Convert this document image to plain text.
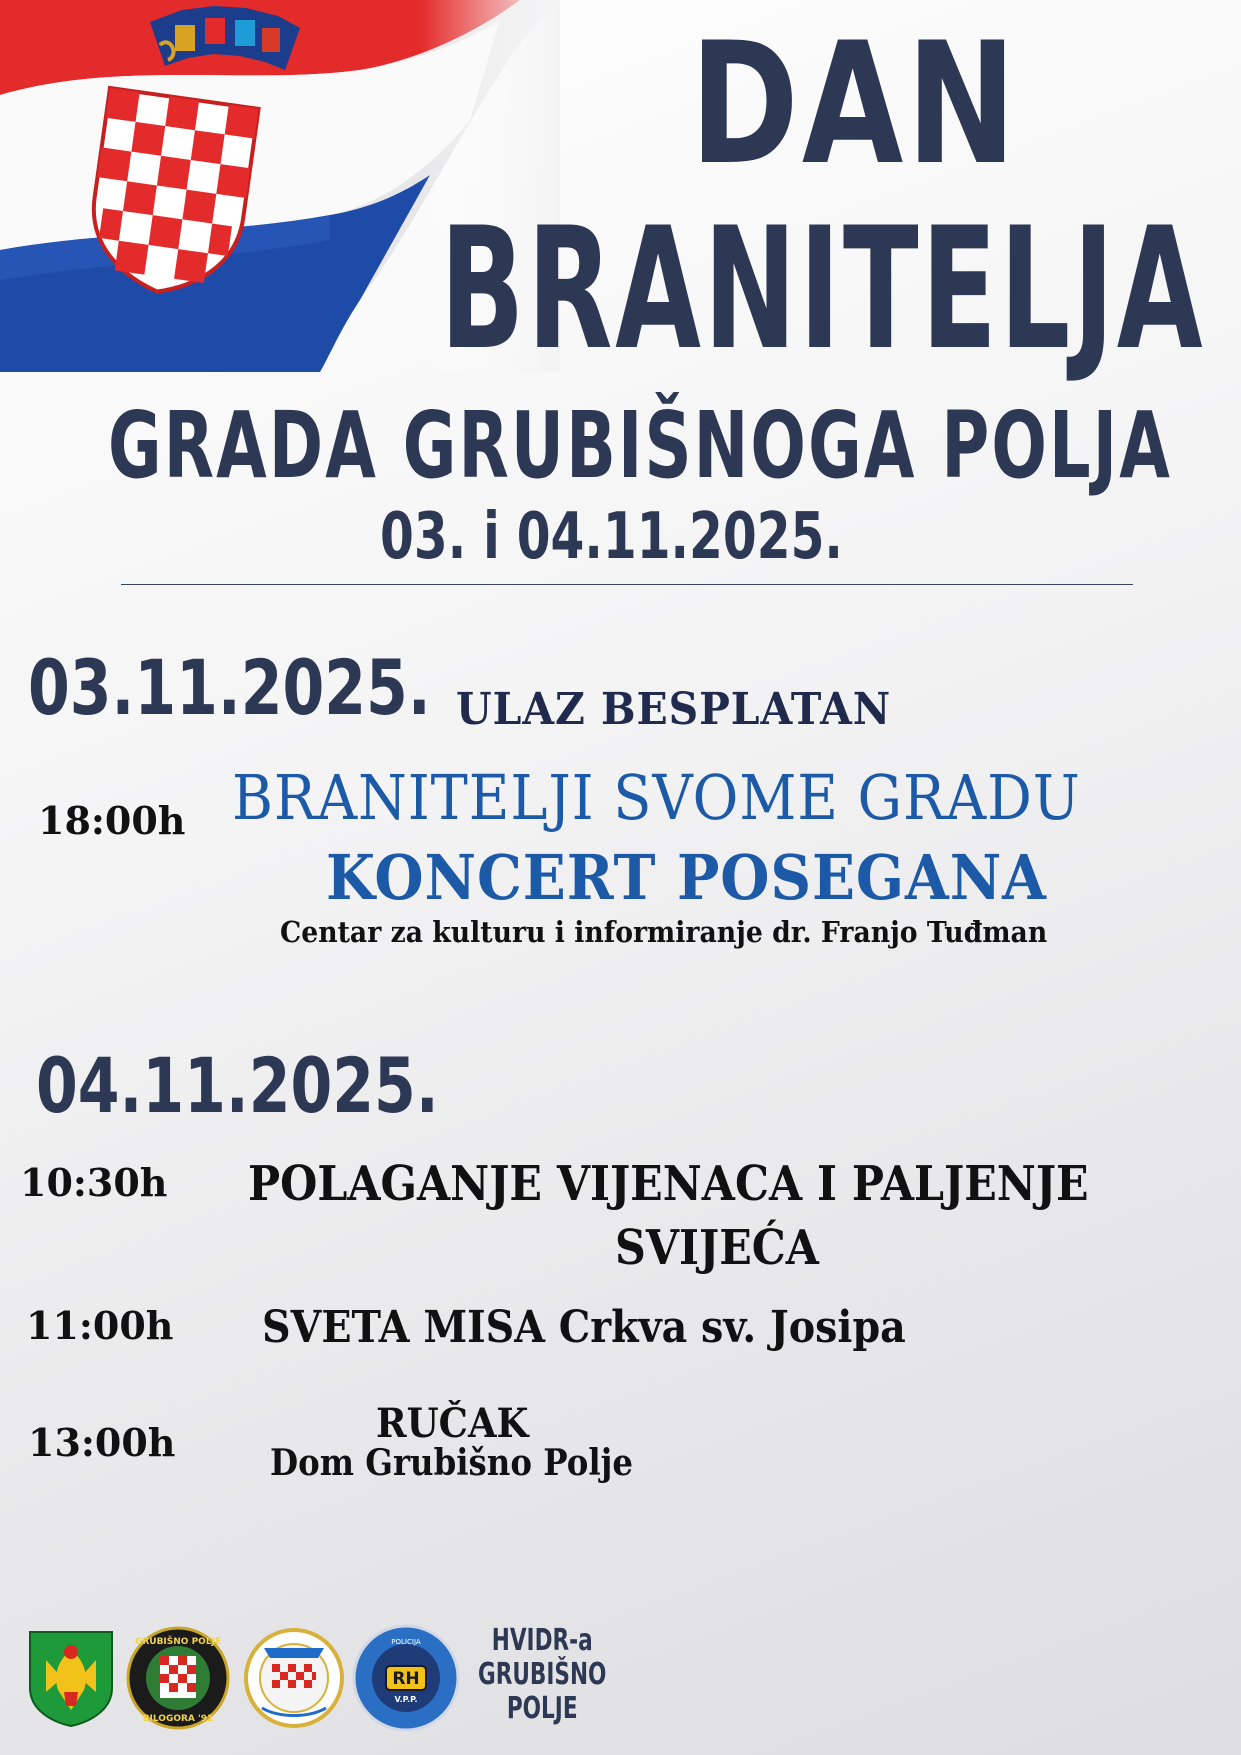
DAN
BRANITELJA
GRADA GRUBIŠNOGA POLJA
03. i 04.11.2025.
03.11.2025. ULAZ BESPLATAN
18:00h BRANITELJI SVOME GRADU
KONCERT POSEGANA
Centar za kulturu i informiranje dr. Franjo Tuđman
04.11.2025.
10:30h POLAGANJE VIJENACA I PALJENJE
SVIJEĆA
11:00h SVETA MISA Crkva sv. Josipa
13:00h	RUČAK
Dom Grubišno Polje
GRUBIŠNO POLJE
BILOGORA '91
RH
V.P.P.
POLICIJA	HVIDR-a
GRUBIŠNO
POLJE
